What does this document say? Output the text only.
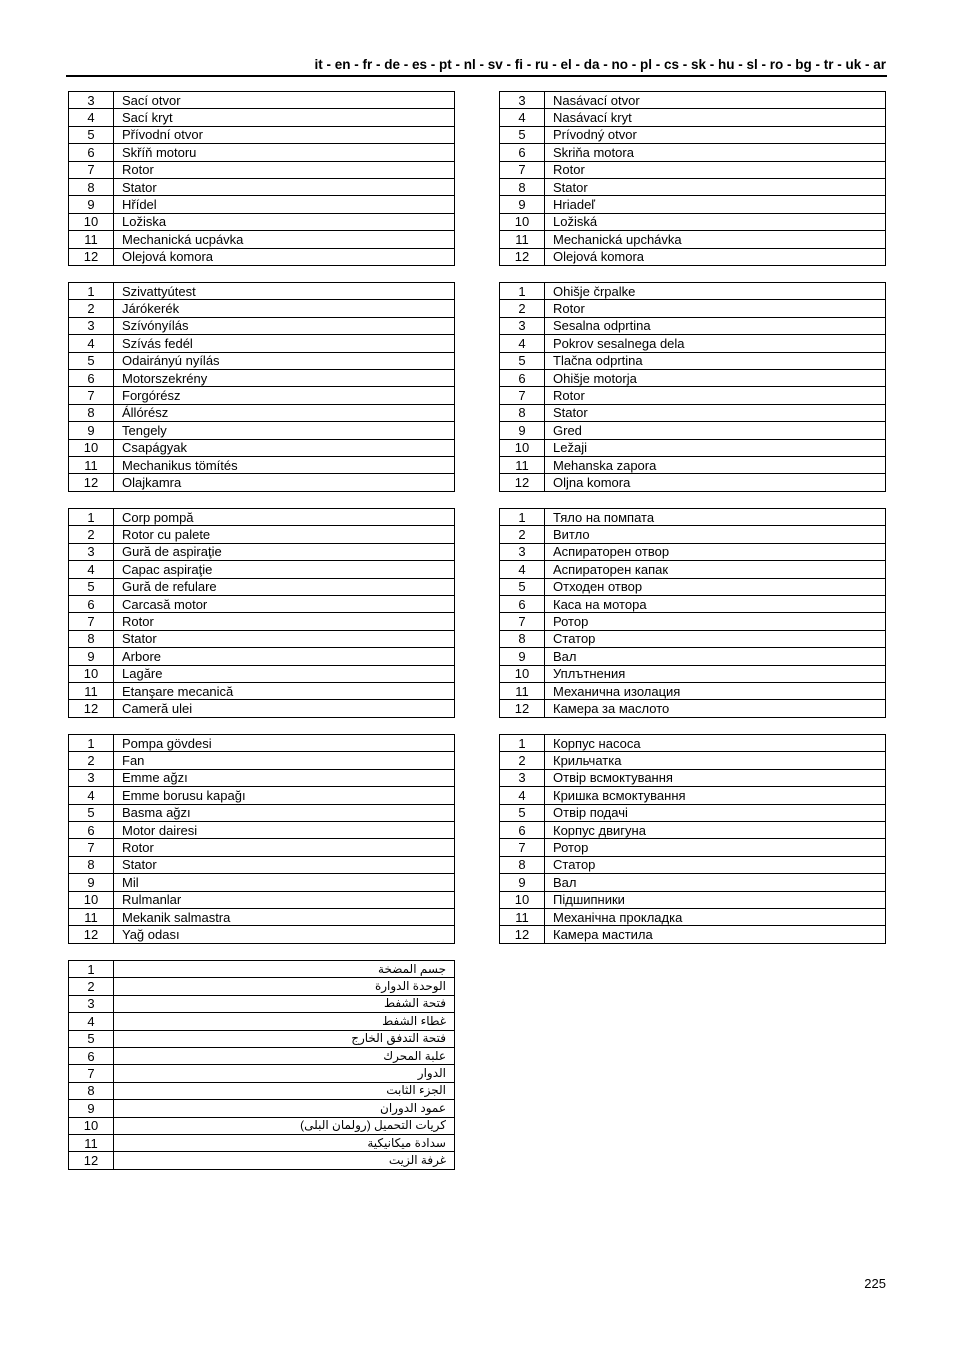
it - en - fr - de - es - pt - nl - sv - fi - ru - el - da - no - pl - cs - sk - hu - sl - ro - bg - tr - uk - ar
3	Sací otvor
4	Sací kryt
5	Přívodní otvor
6	Skříň motoru
7	Rotor
8	Stator
9	Hřídel
10	Ložiska
11	Mechanická ucpávka
12	Olejová komora
3	Nasávací otvor
4	Nasávací kryt
5	Prívodný otvor
6	Skriňa motora
7	Rotor
8	Stator
9	Hriadeľ
10	Ložiská
11	Mechanická upchávka
12	Olejová komora
1	Szivattyútest
2	Járókerék
3	Szívónyílás
4	Szívás fedél
5	Odairányú nyílás
6	Motorszekrény
7	Forgórész
8	Állórész
9	Tengely
10	Csapágyak
11	Mechanikus tömítés
12	Olajkamra
1	Ohišje črpalke
2	Rotor
3	Sesalna odprtina
4	Pokrov sesalnega dela
5	Tlačna odprtina
6	Ohišje motorja
7	Rotor
8	Stator
9	Gred
10	Ležaji
11	Mehanska zapora
12	Oljna komora
1	Corp pompă
2	Rotor cu palete
3	Gură de aspiraţie
4	Capac aspiraţie
5	Gură de refulare
6	Carcasă motor
7	Rotor
8	Stator
9	Arbore
10	Lagăre
11	Etanşare mecanică
12	Cameră ulei
1	Тяло на помпата
2	Витло
3	Аспираторен отвор
4	Аспираторен капак
5	Отходен отвор
6	Каса на мотора
7	Ротор
8	Статор
9	Вал
10	Уплътнения
11	Механична изолация
12	Камера за маслото
1	Pompa gövdesi
2	Fan
3	Emme ağzı
4	Emme borusu kapağı
5	Basma ağzı
6	Motor dairesi
7	Rotor
8	Stator
9	Mil
10	Rulmanlar
11	Mekanik salmastra
12	Yağ odası
1	Корпус насоса
2	Крильчатка
3	Отвір всмоктування
4	Кришка всмоктування
5	Отвір подачі
6	Корпус двигуна
7	Ротор
8	Статор
9	Вал
10	Підшипники
11	Механічна прокладка
12	Камера мастила
1	جسم المضخة
2	الوحدة الدوارة
3	فتحة الشفط
4	غطاء الشفط
5	فتحة التدفق الخارج
6	علبة المحرك
7	الدوار
8	الجزء الثابت
9	عمود الدوران
10	كريات التحميل (رولمان البلى)
11	سدادة ميكانيكية
12	غرفة الزيت
225
